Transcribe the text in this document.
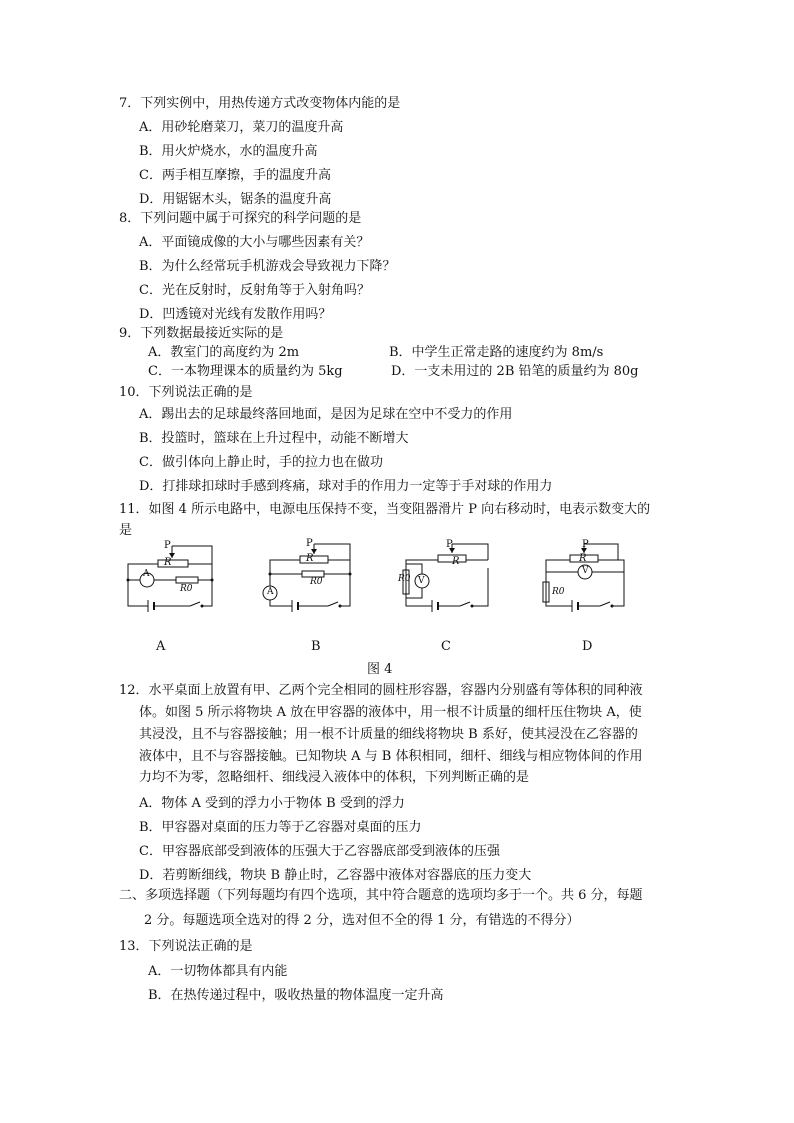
7．下列实例中，用热传递方式改变物体内能的是
A．用砂轮磨菜刀，菜刀的温度升高
B．用火炉烧水，水的温度升高
C．两手相互摩擦，手的温度升高
D．用锯锯木头，锯条的温度升高
8．下列问题中属于可探究的科学问题的是
A．平面镜成像的大小与哪些因素有关？
B．为什么经常玩手机游戏会导致视力下降？
C．光在反射时，反射角等于入射角吗？
D．凹透镜对光线有发散作用吗？
9．下列数据最接近实际的是
A．教室门的高度约为 2m	B．中学生正常走路的速度约为 8m/s
C．一本物理课本的质量约为 5kg	D．一支未用过的 2B 铅笔的质量约为 80g
10．下列说法正确的是
A．踢出去的足球最终落回地面，是因为足球在空中不受力的作用
B．投篮时，篮球在上升过程中，动能不断增大
C．做引体向上静止时，手的拉力也在做功
D．打排球扣球时手感到疼痛，球对手的作用力一定等于手对球的作用力
11．如图 4 所示电路中，电源电压保持不变，当变阻器滑片 P 向右移动时，电表示数变大的
是
A
P
R
R0
A
A
P
R
R0
B
V
P
R
R0
C
V
P
R
R0
D
图 4
12．水平桌面上放置有甲、乙两个完全相同的圆柱形容器，容器内分别盛有等体积的同种液
体。如图 5 所示将物块 A 放在甲容器的液体中，用一根不计质量的细杆压住物块 A，使
其浸没，且不与容器接触；用一根不计质量的细线将物块 B 系好，使其浸没在乙容器的
液体中，且不与容器接触。已知物块 A 与 B 体积相同，细杆、细线与相应物体间的作用
力均不为零，忽略细杆、细线浸入液体中的体积，下列判断正确的是
A．物体 A 受到的浮力小于物体 B 受到的浮力
B．甲容器对桌面的压力等于乙容器对桌面的压力
C．甲容器底部受到液体的压强大于乙容器底部受到液体的压强
D．若剪断细线，物块 B 静止时，乙容器中液体对容器底的压力变大
二、多项选择题（下列每题均有四个选项，其中符合题意的选项均多于一个。共 6 分，每题
2 分。每题选项全选对的得 2 分，选对但不全的得 1 分，有错选的不得分）
13．下列说法正确的是
A．一切物体都具有内能
B．在热传递过程中，吸收热量的物体温度一定升高
